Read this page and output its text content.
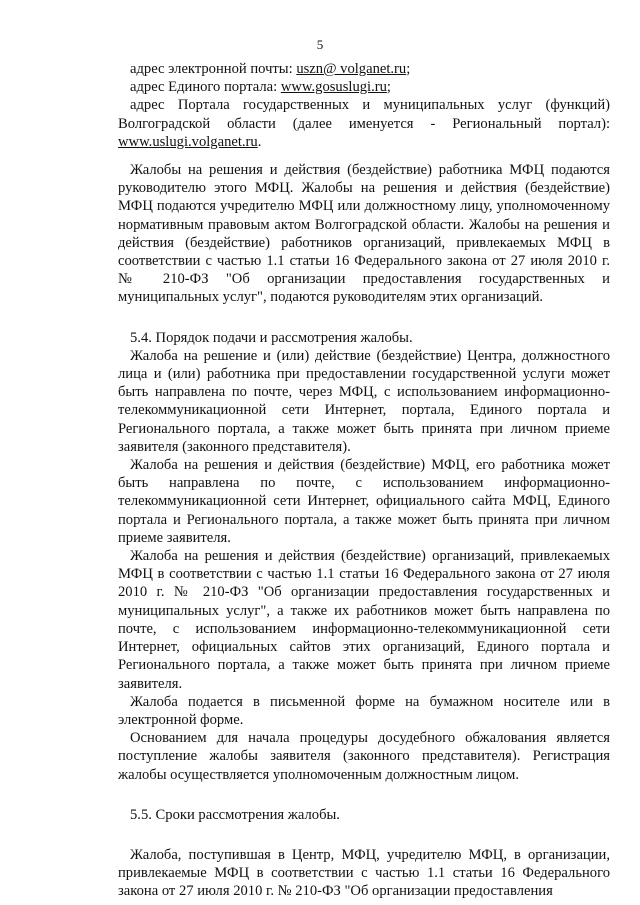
5

адрес электронной почты: uszn@ volganet.ru;

адрес Единого портала: www.gosuslugi.ru;

адрес Портала государственных и муниципальных услуг (функций) Волгоградской области (далее именуется - Региональный портал): www.uslugi.volganet.ru.

Жалобы на решения и действия (бездействие) работника МФЦ подаются руководителю этого МФЦ. Жалобы на решения и действия (бездействие) МФЦ подаются учредителю МФЦ или должностному лицу, уполномоченному нормативным правовым актом Волгоградской области. Жалобы на решения и действия (бездействие) работников организаций, привлекаемых МФЦ в соответствии с частью 1.1 статьи 16 Федерального закона от 27 июля 2010 г. № 210-ФЗ "Об организации предоставления государственных и муниципальных услуг", подаются руководителям этих организаций.

5.4. Порядок подачи и рассмотрения жалобы.

Жалоба на решение и (или) действие (бездействие) Центра, должностного лица и (или) работника при предоставлении государственной услуги может быть направлена по почте, через МФЦ, с использованием информационно-телекоммуникационной сети Интернет, портала, Единого портала и Регионального портала, а также может быть принята при личном приеме заявителя (законного представителя).

Жалоба на решения и действия (бездействие) МФЦ, его работника может быть направлена по почте, с использованием информационно-телекоммуникационной сети Интернет, официального сайта МФЦ, Единого портала и Регионального портала, а также может быть принята при личном приеме заявителя.

Жалоба на решения и действия (бездействие) организаций, привлекаемых МФЦ в соответствии с частью 1.1 статьи 16 Федерального закона от 27 июля 2010 г. № 210-ФЗ "Об организации предоставления государственных и муниципальных услуг", а также их работников может быть направлена по почте, с использованием информационно-телекоммуникационной сети Интернет, официальных сайтов этих организаций, Единого портала и Регионального портала, а также может быть принята при личном приеме заявителя.

Жалоба подается в письменной форме на бумажном носителе или в электронной форме.

Основанием для начала процедуры досудебного обжалования является поступление жалобы заявителя (законного представителя). Регистрация жалобы осуществляется уполномоченным должностным лицом.

5.5. Сроки рассмотрения жалобы.

Жалоба, поступившая в Центр, МФЦ, учредителю МФЦ, в организации, привлекаемые МФЦ в соответствии с частью 1.1 статьи 16 Федерального закона от 27 июля 2010 г. № 210-ФЗ "Об организации предоставления
